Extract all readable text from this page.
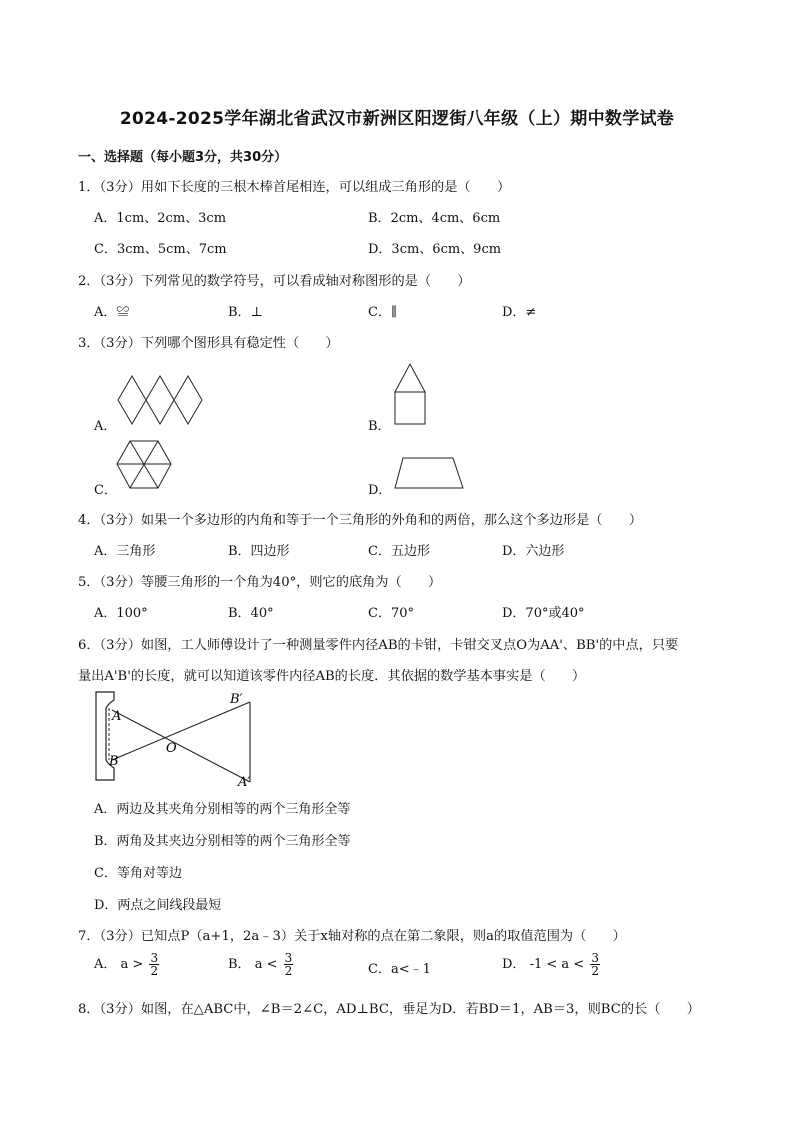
2024-2025学年湖北省武汉市新洲区阳逻街八年级（上）期中数学试卷
一、选择题（每小题3分，共30分）
1．（3分）用如下长度的三根木棒首尾相连，可以组成三角形的是（　　）
A．1cm、2cm、3cm	B．2cm、4cm、6cm
C．3cm、5cm、7cm	D．3cm、6cm、9cm
2．（3分）下列常见的数学符号，可以看成轴对称图形的是（　　）
A．≌	B．⊥	C．∥	D．≠
3．（3分）下列哪个图形具有稳定性（　　）
A．	B．
C．	D．
4．（3分）如果一个多边形的内角和等于一个三角形的外角和的两倍，那么这个多边形是（　　）
A．三角形	B．四边形	C．五边形	D．六边形
5．（3分）等腰三角形的一个角为40°，则它的底角为（　　）
A．100°	B．40°	C．70°	D．70°或40°
6．（3分）如图，工人师傅设计了一种测量零件内径AB的卡钳，卡钳交叉点O为AA'、BB'的中点，只要
量出A'B'的长度，就可以知道该零件内径AB的长度．其依据的数学基本事实是（　　）
A
B
O
B′
A′
A．两边及其夹角分别相等的两个三角形全等
B．两角及其夹边分别相等的两个三角形全等
C．等角对等边
D．两点之间线段最短
7．（3分）已知点P（a+1，2a﹣3）关于x轴对称的点在第二象限，则a的取值范围为（　　）
A． $a > \frac{3}{2}$	B． $a < \frac{3}{2}$	C．a<﹣1	D． $-1 < a < \frac{3}{2}$
8．（3分）如图，在△ABC中，∠B＝2∠C，AD⊥BC，垂足为D．若BD＝1，AB＝3，则BC的长（　　）
